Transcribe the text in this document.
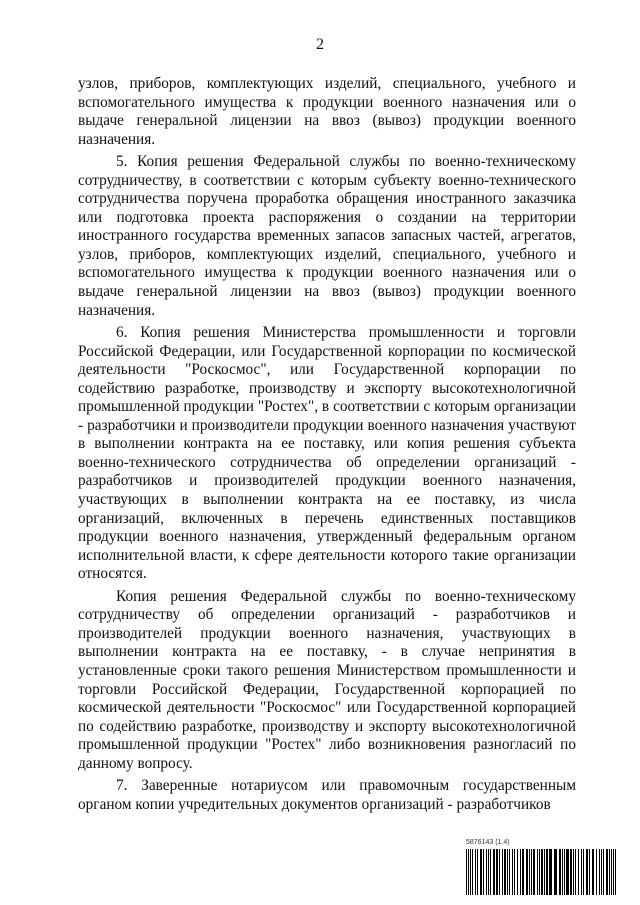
2

узлов, приборов, комплектующих изделий, специального, учебного и вспомогательного имущества к продукции военного назначения или о выдаче генеральной лицензии на ввоз (вывоз) продукции военного назначения.

5. Копия решения Федеральной службы по военно-техническому сотрудничеству, в соответствии с которым субъекту военно-технического сотрудничества поручена проработка обращения иностранного заказчика или подготовка проекта распоряжения о создании на территории иностранного государства временных запасов запасных частей, агрегатов, узлов, приборов, комплектующих изделий, специального, учебного и вспомогательного имущества к продукции военного назначения или о выдаче генеральной лицензии на ввоз (вывоз) продукции военного назначения.

6. Копия решения Министерства промышленности и торговли Российской Федерации, или Государственной корпорации по космической деятельности "Роскосмос", или Государственной корпорации по содействию разработке, производству и экспорту высокотехнологичной промышленной продукции "Ростех", в соответствии с которым организации - разработчики и производители продукции военного назначения участвуют в выполнении контракта на ее поставку, или копия решения субъекта военно-технического сотрудничества об определении организаций - разработчиков и производителей продукции военного назначения, участвующих в выполнении контракта на ее поставку, из числа организаций, включенных в перечень единственных поставщиков продукции военного назначения, утвержденный федеральным органом исполнительной власти, к сфере деятельности которого такие организации относятся.

Копия решения Федеральной службы по военно-техническому сотрудничеству об определении организаций - разработчиков и производителей продукции военного назначения, участвующих в выполнении контракта на ее поставку, - в случае непринятия в установленные сроки такого решения Министерством промышленности и торговли Российской Федерации, Государственной корпорацией по космической деятельности "Роскосмос" или Государственной корпорацией по содействию разработке, производству и экспорту высокотехнологичной промышленной продукции "Ростех" либо возникновения разногласий по данному вопросу.

7. Заверенные нотариусом или правомочным государственным органом копии учредительных документов организаций - разработчиков

5876143 (1.4)
